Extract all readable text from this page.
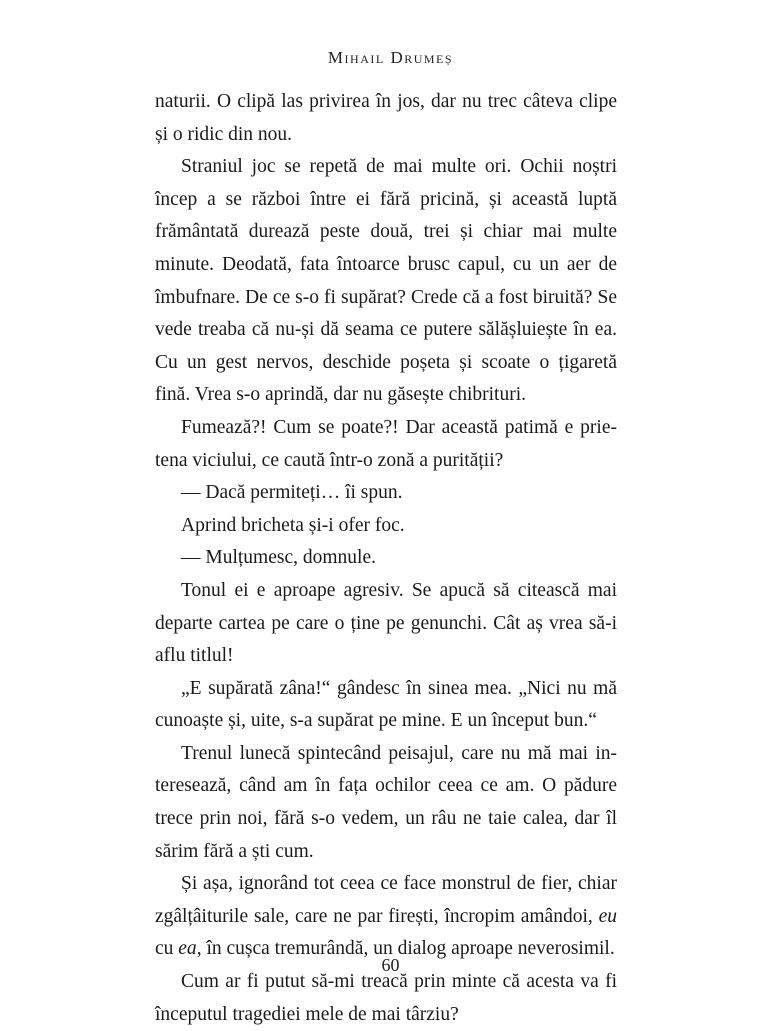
Mihail Drumeș

naturii. O clipă las privirea în jos, dar nu trec câteva clipe și o ridic din nou.

Straniul joc se repetă de mai multe ori. Ochii noștri încep a se război între ei fără pricină, și această luptă frământată durează peste două, trei și chiar mai multe minute. Deodată, fata întoarce brusc capul, cu un aer de îmbufnare. De ce s-o fi supărat? Crede că a fost biruită? Se vede treaba că nu-și dă seama ce putere sălășluiește în ea. Cu un gest nervos, deschide poșeta și scoate o țigaretă fină. Vrea s-o aprindă, dar nu găsește chibrituri.

Fumează?! Cum se poate?! Dar această patimă e prietena viciului, ce caută într-o zonă a purității?

— Dacă permiteți… îi spun.

Aprind bricheta și-i ofer foc.

— Mulțumesc, domnule.

Tonul ei e aproape agresiv. Se apucă să citească mai departe cartea pe care o ține pe genunchi. Cât aș vrea să-i aflu titlul!

„E supărată zâna!“ gândesc în sinea mea. „Nici nu mă cunoaște și, uite, s-a supărat pe mine. E un început bun.“

Trenul lunecă spintecând peisajul, care nu mă mai interesează, când am în fața ochilor ceea ce am. O pădure trece prin noi, fără s-o vedem, un râu ne taie calea, dar îl sărim fără a ști cum.

Și așa, ignorând tot ceea ce face monstrul de fier, chiar zgâlțâiturile sale, care ne par firești, încropim amândoi, eu cu ea, în cușca tremurândă, un dialog aproape neverosimil.

Cum ar fi putut să-mi treacă prin minte că acesta va fi începutul tragediei mele de mai târziu?

60
